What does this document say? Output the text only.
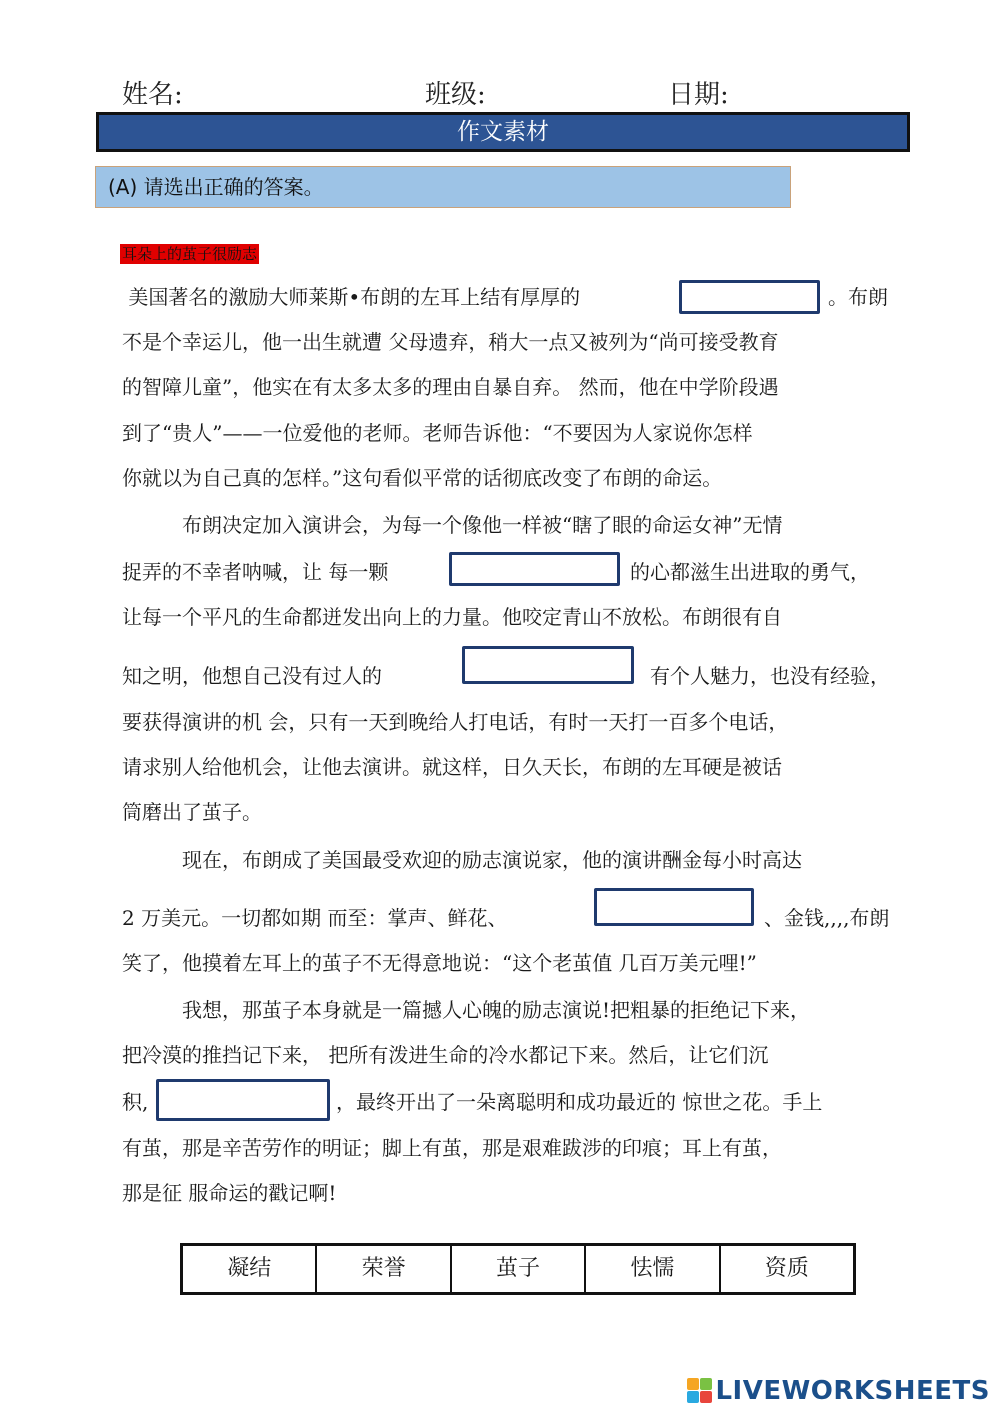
姓名:	班级:	日期:
作文素材
(A) 请选出正确的答案。
耳朵上的茧子很励志
美国著名的激励大师莱斯•布朗的左耳上结有厚厚的	。布朗
不是个幸运儿，他一出生就遭 父母遗弃，稍大一点又被列为“尚可接受教育
的智障儿童”，他实在有太多太多的理由自暴自弃。 然而，他在中学阶段遇
到了“贵人”——一位爱他的老师。老师告诉他：“不要因为人家说你怎样
你就以为自己真的怎样。”这句看似平常的话彻底改变了布朗的命运。
布朗决定加入演讲会，为每一个像他一样被“瞎了眼的命运女神”无情
捉弄的不幸者呐喊，让 每一颗	的心都滋生出进取的勇气，
让每一个平凡的生命都迸发出向上的力量。他咬定青山不放松。布朗很有自
知之明，他想自己没有过人的	有个人魅力，也没有经验，
要获得演讲的机 会，只有一天到晚给人打电话，有时一天打一百多个电话，
请求别人给他机会，让他去演讲。就这样，日久天长，布朗的左耳硬是被话
筒磨出了茧子。
现在，布朗成了美国最受欢迎的励志演说家，他的演讲酬金每小时高达
2 万美元。一切都如期 而至：掌声、鲜花、	、金钱,,,,布朗
笑了，他摸着左耳上的茧子不无得意地说：“这个老茧值 几百万美元哩!”
我想，那茧子本身就是一篇撼人心魄的励志演说!把粗暴的拒绝记下来，
把冷漠的推挡记下来， 把所有泼进生命的冷水都记下来。然后，让它们沉
积,	，最终开出了一朵离聪明和成功最近的 惊世之花。手上
有茧，那是辛苦劳作的明证；脚上有茧，那是艰难跋涉的印痕；耳上有茧，
那是征 服命运的戳记啊!
凝结	荣誉	茧子	怯懦	资质
LIVEWORKSHEETS
